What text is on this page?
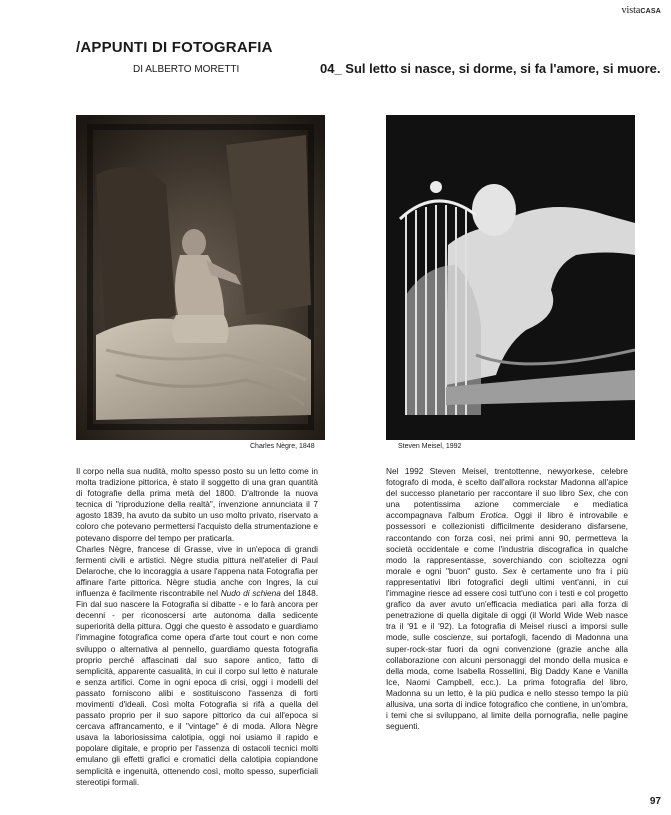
vistaCASA
/APPUNTI DI FOTOGRAFIA
DI ALBERTO MORETTI	04_ Sul letto si nasce, si dorme, si fa l'amore, si muore.
Charles Nègre, 1848	Steven Meisel, 1992

Il corpo nella sua nudità, molto spesso posto su un letto come in molta tradizione pittorica, è stato il soggetto di una gran quantità di fotografie della prima metà del 1800. D'altronde la nuova tecnica di "riproduzione della realtà", invenzione annunciata il 7 agosto 1839, ha avuto da subito un uso molto privato, riservato a coloro che potevano permettersi l'acquisto della strumentazione e potevano disporre del tempo per praticarla.

Charles Nègre, francese di Grasse, vive in un'epoca di grandi fermenti civili e artistici. Nègre studia pittura nell'atelier di Paul Delaroche, che lo incoraggia a usare l'appena nata Fotografia per affinare l'arte pittorica. Nègre studia anche con Ingres, la cui influenza è facilmente riscontrabile nel Nudo di schiena del 1848. Fin dal suo nascere la Fotografia si dibatte - e lo farà ancora per decenni - per riconoscersi arte autonoma dalla sedicente superiorità della pittura. Oggi che questo è assodato e guardiamo l'immagine fotografica come opera d'arte tout court e non come sviluppo o alternativa al pennello, guardiamo questa fotografia proprio perché affascinati dal suo sapore antico, fatto di semplicità, apparente casualità, in cui il corpo sul letto è naturale e senza artifici. Come in ogni epoca di crisi, oggi i modelli del passato forniscono alibi e sostituiscono l'assenza di forti movimenti d'ideali. Così molta Fotografia si rifà a quella del passato proprio per il suo sapore pittorico da cui all'epoca si cercava affrancamento, e il "vintage" è di moda. Allora Nègre usava la laboriosissima calotipia, oggi noi usiamo il rapido e popolare digitale, e proprio per l'assenza di ostacoli tecnici molti emulano gli effetti grafici e cromatici della calotipia copiandone semplicità e ingenuità, ottenendo così, molto spesso, superficiali stereotipi formali.

Nel 1992 Steven Meisel, trentottenne, newyorkese, celebre fotografo di moda, è scelto dall'allora rockstar Madonna all'apice del successo planetario per raccontare il suo libro Sex, che con una potentissima azione commerciale e mediatica accompagnava l'album Erotica. Oggi il libro è introvabile e possessori e collezionisti difficilmente desiderano disfarsene, raccontando con forza così, nei primi anni 90, permetteva la società occidentale e come l'industria discografica in qualche modo la rappresentasse, soverchiando con scioltezza ogni morale e ogni "buon" gusto. Sex è certamente uno fra i più rappresentativi libri fotografici degli ultimi vent'anni, in cui l'immagine riesce ad essere così tutt'uno con i testi e col progetto grafico da aver avuto un'efficacia mediatica pari alla forza di penetrazione di quella digitale di oggi (il World Wide Web nasce tra il '91 e il '92). La fotografia di Meisel riuscì a imporsi sulle mode, sulle coscienze, sui portafogli, facendo di Madonna una super-rock-star fuori da ogni convenzione (grazie anche alla collaborazione con alcuni personaggi del mondo della musica e della moda, come Isabella Rossellini, Big Daddy Kane e Vanilla Ice, Naomi Campbell, ecc.). La prima fotografia del libro, Madonna su un letto, è la più pudica e nello stesso tempo la più allusiva, una sorta di indice fotografico che contiene, in un'ombra, i temi che si sviluppano, al limite della pornografia, nelle pagine seguenti.

97
